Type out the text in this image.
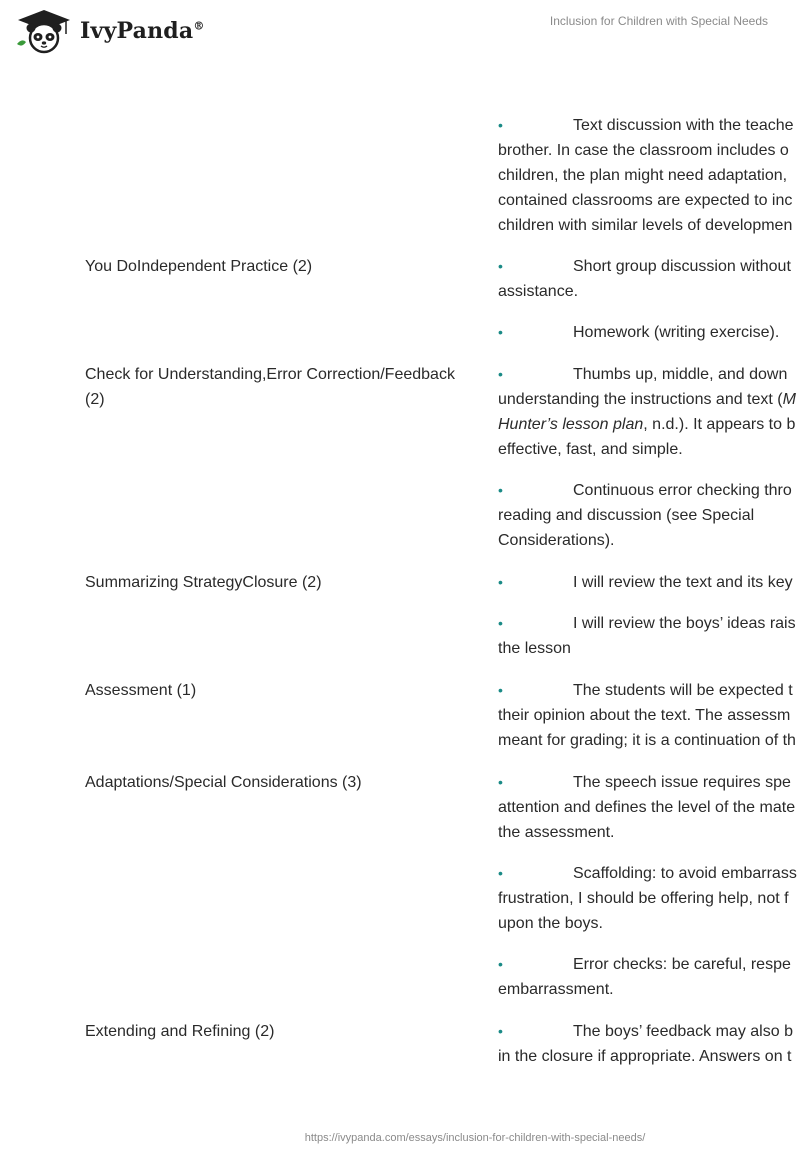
IvyPanda®	Inclusion for Children with Special Needs
•	Text discussion with the teache
brother. In case the classroom includes o
children, the plan might need adaptation,
contained classrooms are expected to inc
children with similar levels of developmen
You DoIndependent Practice (2)	•	Short group discussion without
assistance.
•	Homework (writing exercise).
Check for Understanding,Error Correction/Feedback
(2)
•	Thumbs up, middle, and down
understanding the instructions and text (M
Hunter’s lesson plan, n.d.). It appears to b
effective, fast, and simple.
•	Continuous error checking thro
reading and discussion (see Special
Considerations).
Summarizing StrategyClosure (2)	•	I will review the text and its key
•	I will review the boys’ ideas rais
the lesson
Assessment (1)	•	The students will be expected t
their opinion about the text. The assessm
meant for grading; it is a continuation of th
Adaptations/Special Considerations (3)	•	The speech issue requires spe
attention and defines the level of the mate
the assessment.
•	Scaffolding: to avoid embarrass
frustration, I should be offering help, not f
upon the boys.
•	Error checks: be careful, respe
embarrassment.
Extending and Refining (2)	•	The boys’ feedback may also b
in the closure if appropriate. Answers on t
https://ivypanda.com/essays/inclusion-for-children-with-special-needs/
